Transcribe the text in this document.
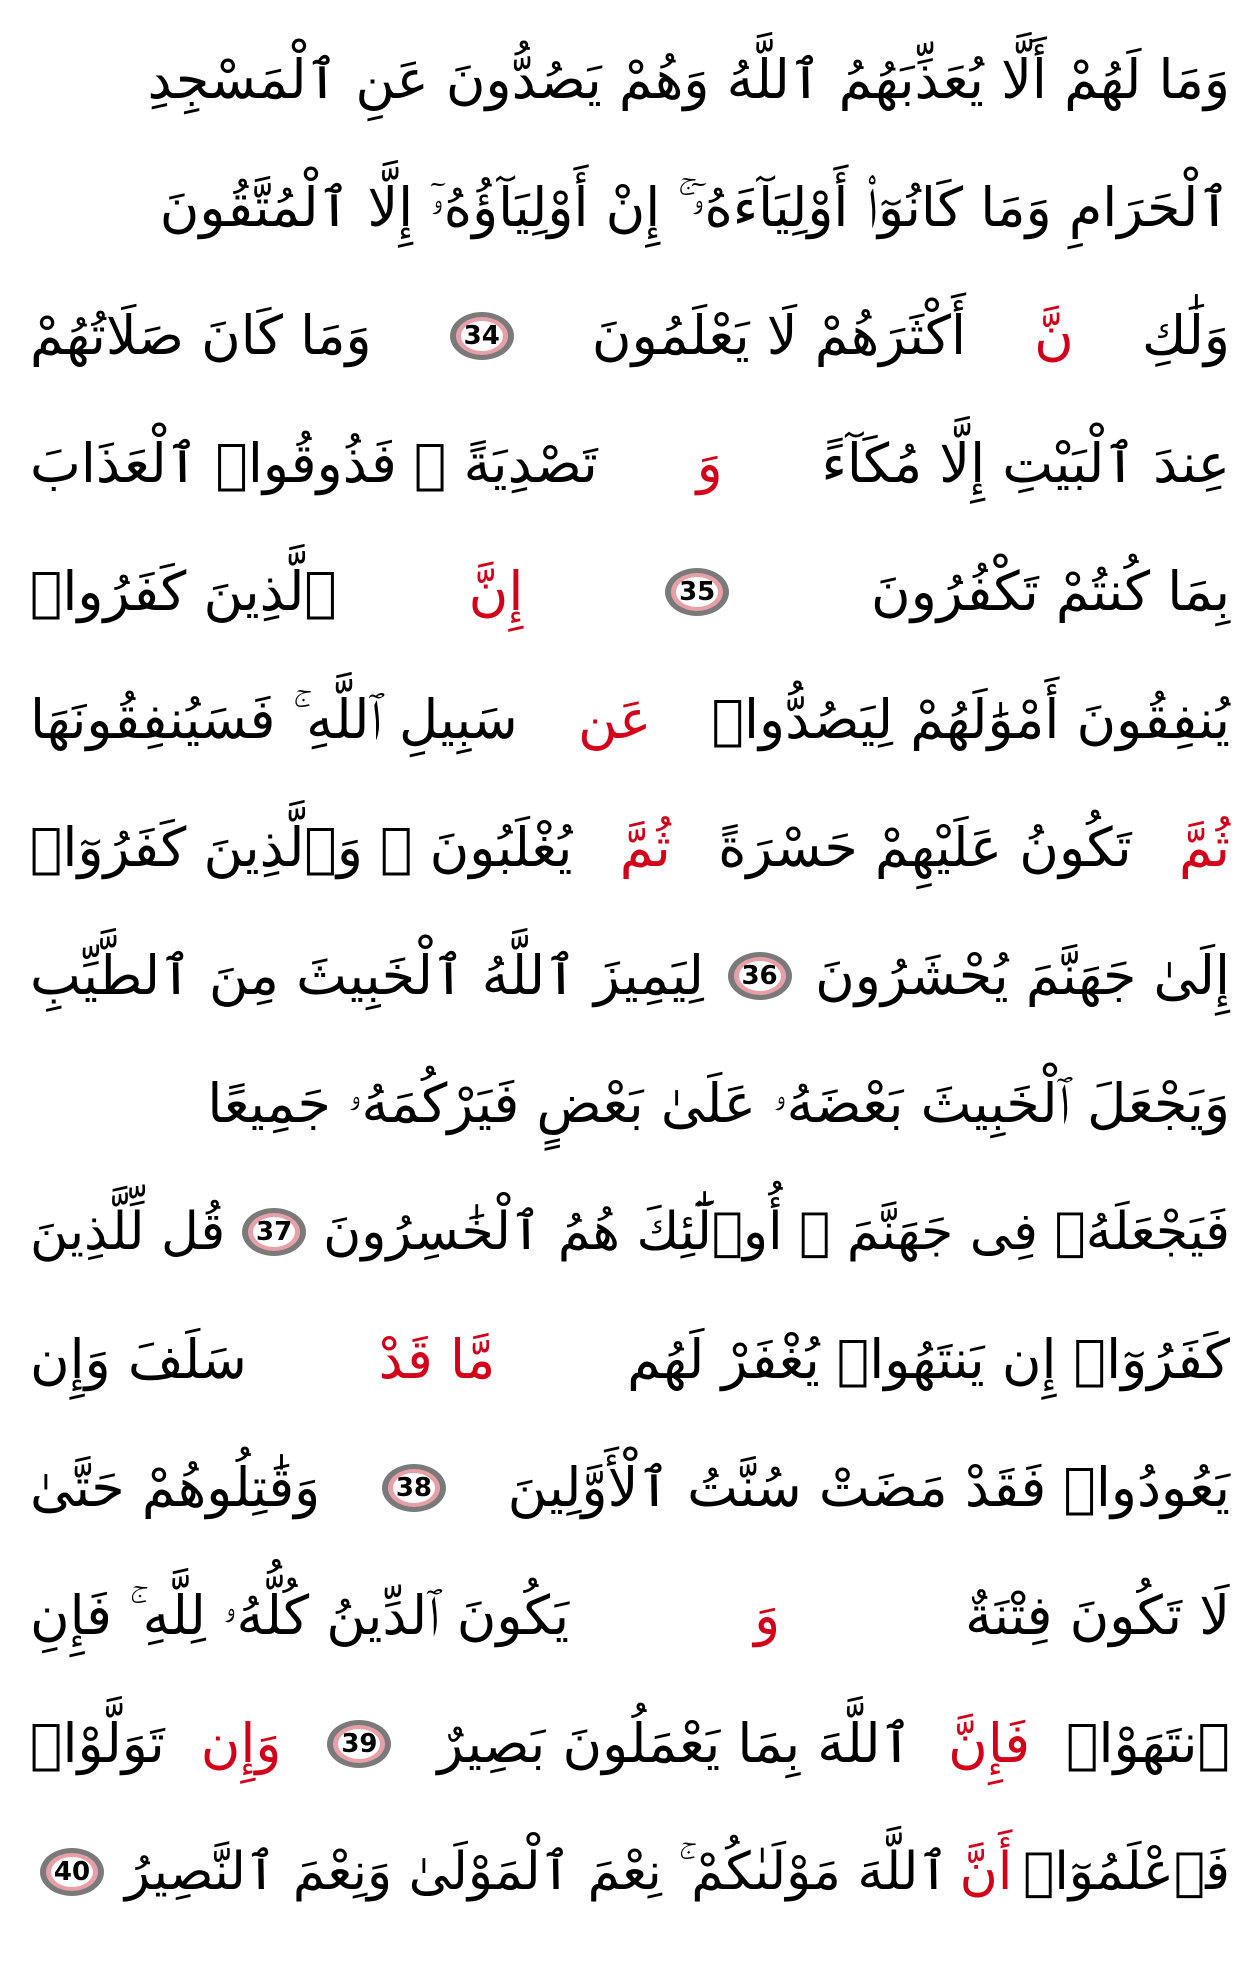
وَمَا لَهُمْ أَلَّا يُعَذِّبَهُمُ ٱللَّهُ وَهُمْ يَصُدُّونَ عَنِ ٱلْمَسْجِدِ
ٱلْحَرَامِ وَمَا كَانُوٓا۟ أَوْلِيَآءَهُۥٓ ۚ إِنْ أَوْلِيَآؤُهُۥٓ إِلَّا ٱلْمُتَّقُونَ
وَلَٰكِ
نَّ
أَكْثَرَهُمْ لَا يَعْلَمُونَ
34
وَمَا كَانَ صَلَاتُهُمْ
عِندَ ٱلْبَيْتِ إِلَّا مُكَآءً
وَ
تَصْدِيَةً ۚ فَذُوقُوا۟ ٱلْعَذَابَ
بِمَا كُنتُمْ تَكْفُرُونَ
35
إِنَّ
ٱلَّذِينَ كَفَرُوا۟
يُنفِقُونَ أَمْوَٰلَهُمْ لِيَصُدُّوا۟
عَن
سَبِيلِ ٱللَّهِ ۚ فَسَيُنفِقُونَهَا
ثُمَّ
تَكُونُ عَلَيْهِمْ حَسْرَةً
ثُمَّ
يُغْلَبُونَ ۗ وَٱلَّذِينَ كَفَرُوٓا۟
إِلَىٰ جَهَنَّمَ يُحْشَرُونَ
36
لِيَمِيزَ ٱللَّهُ ٱلْخَبِيثَ مِنَ ٱلطَّيِّبِ
وَيَجْعَلَ ٱلْخَبِيثَ بَعْضَهُۥ عَلَىٰ بَعْضٍ فَيَرْكُمَهُۥ جَمِيعًا
فَيَجْعَلَهُۥ فِى جَهَنَّمَ ۚ أُو۟لَٰٓئِكَ هُمُ ٱلْخَٰسِرُونَ
37
قُل لِّلَّذِينَ
كَفَرُوٓا۟ إِن يَنتَهُوا۟ يُغْفَرْ لَهُم
مَّا قَدْ
سَلَفَ وَإِن
يَعُودُوا۟ فَقَدْ مَضَتْ سُنَّتُ ٱلْأَوَّلِينَ
38
وَقَٰتِلُوهُمْ حَتَّىٰ
لَا تَكُونَ فِتْنَةٌ
وَ
يَكُونَ ٱلدِّينُ كُلُّهُۥ لِلَّهِ ۚ فَإِنِ
ٱنتَهَوْا۟
فَإِنَّ
ٱللَّهَ بِمَا يَعْمَلُونَ بَصِيرٌ
39
وَإِن
تَوَلَّوْا۟
فَٱعْلَمُوٓا۟
أَنَّ
ٱللَّهَ مَوْلَىٰكُمْ ۚ نِعْمَ ٱلْمَوْلَىٰ وَنِعْمَ ٱلنَّصِيرُ
40
